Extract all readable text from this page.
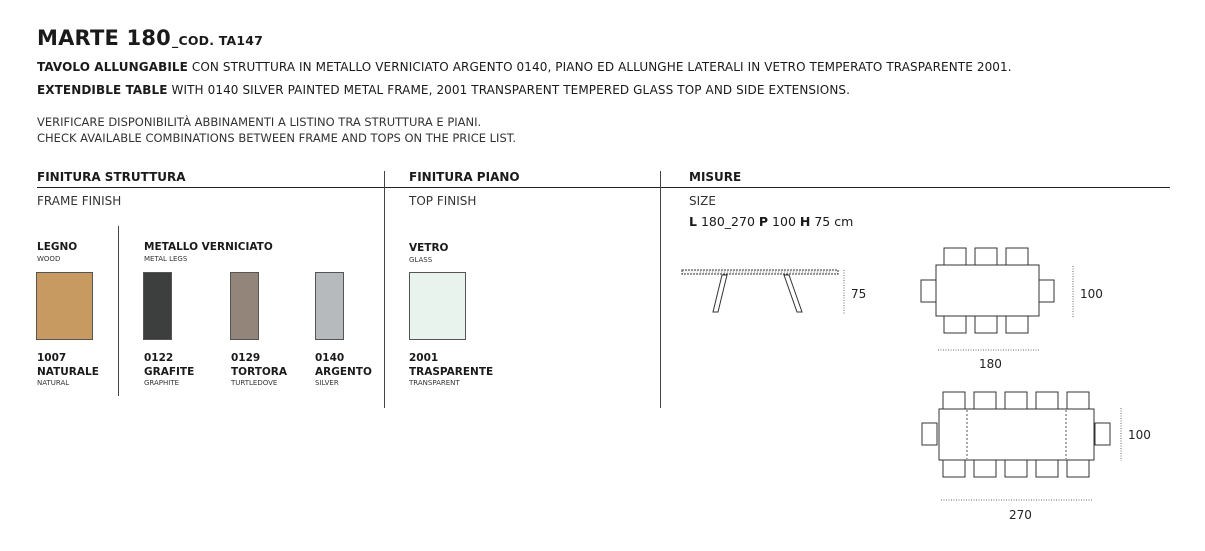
MARTE 180_COD. TA147
TAVOLO ALLUNGABILE CON STRUTTURA IN METALLO VERNICIATO ARGENTO 0140, PIANO ED ALLUNGHE LATERALI IN VETRO TEMPERATO TRASPARENTE 2001.
EXTENDIBLE TABLE WITH 0140 SILVER PAINTED METAL FRAME, 2001 TRANSPARENT TEMPERED GLASS TOP AND SIDE EXTENSIONS.
VERIFICARE DISPONIBILITÀ ABBINAMENTI A LISTINO TRA STRUTTURA E PIANI.
CHECK AVAILABLE COMBINATIONS BETWEEN FRAME AND TOPS ON THE PRICE LIST.
FINITURA STRUTTURA	FINITURA PIANO	MISURE
FRAME FINISH	TOP FINISH	SIZE
L 180_270 P 100 H 75 cm
LEGNO
WOOD
METALLO VERNICIATO
METAL LEGS
1007
NATURALE
NATURAL
0122
GRAFITE
GRAPHITE
0129
TORTORA
TURTLEDOVE
0140
ARGENTO
SILVER
VETRO
GLASS
2001
TRASPARENTE
TRANSPARENT
75	100
180
100
270
